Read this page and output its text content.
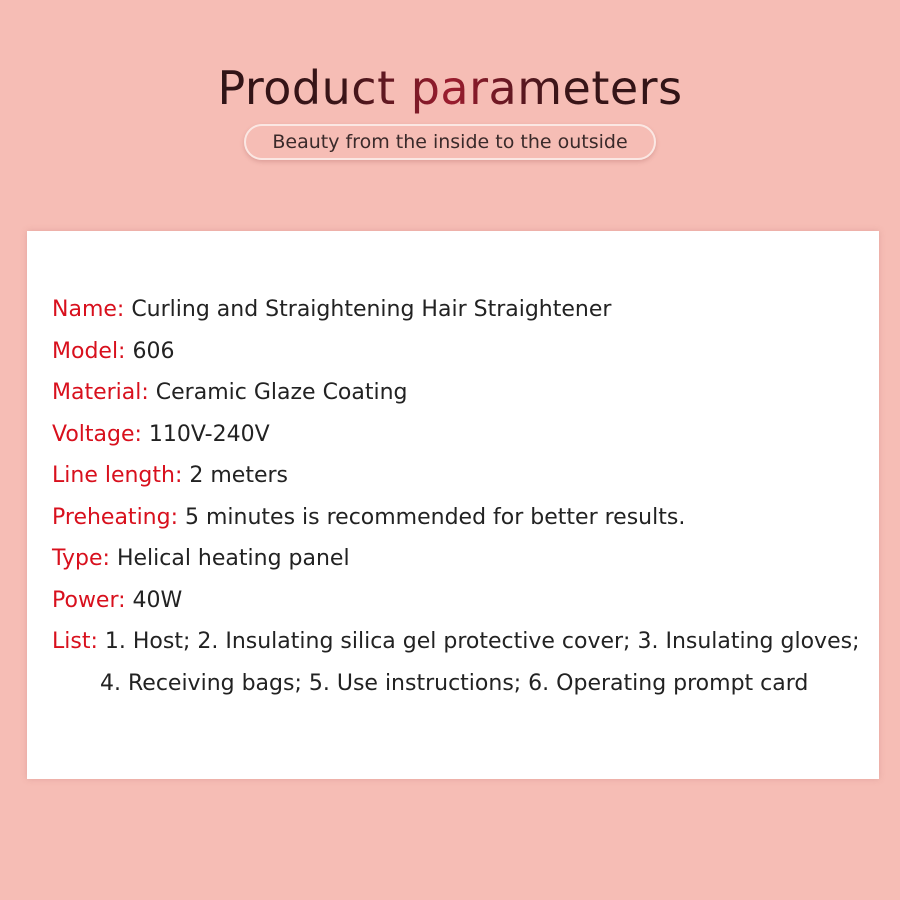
Product parameters
Beauty from the inside to the outside
Name: Curling and Straightening Hair Straightener
Model: 606
Material: Ceramic Glaze Coating
Voltage: 110V-240V
Line length: 2 meters
Preheating: 5 minutes is recommended for better results.
Type: Helical heating panel
Power: 40W
List: 1. Host; 2. Insulating silica gel protective cover; 3. Insulating gloves;
4. Receiving bags; 5. Use instructions; 6. Operating prompt card
